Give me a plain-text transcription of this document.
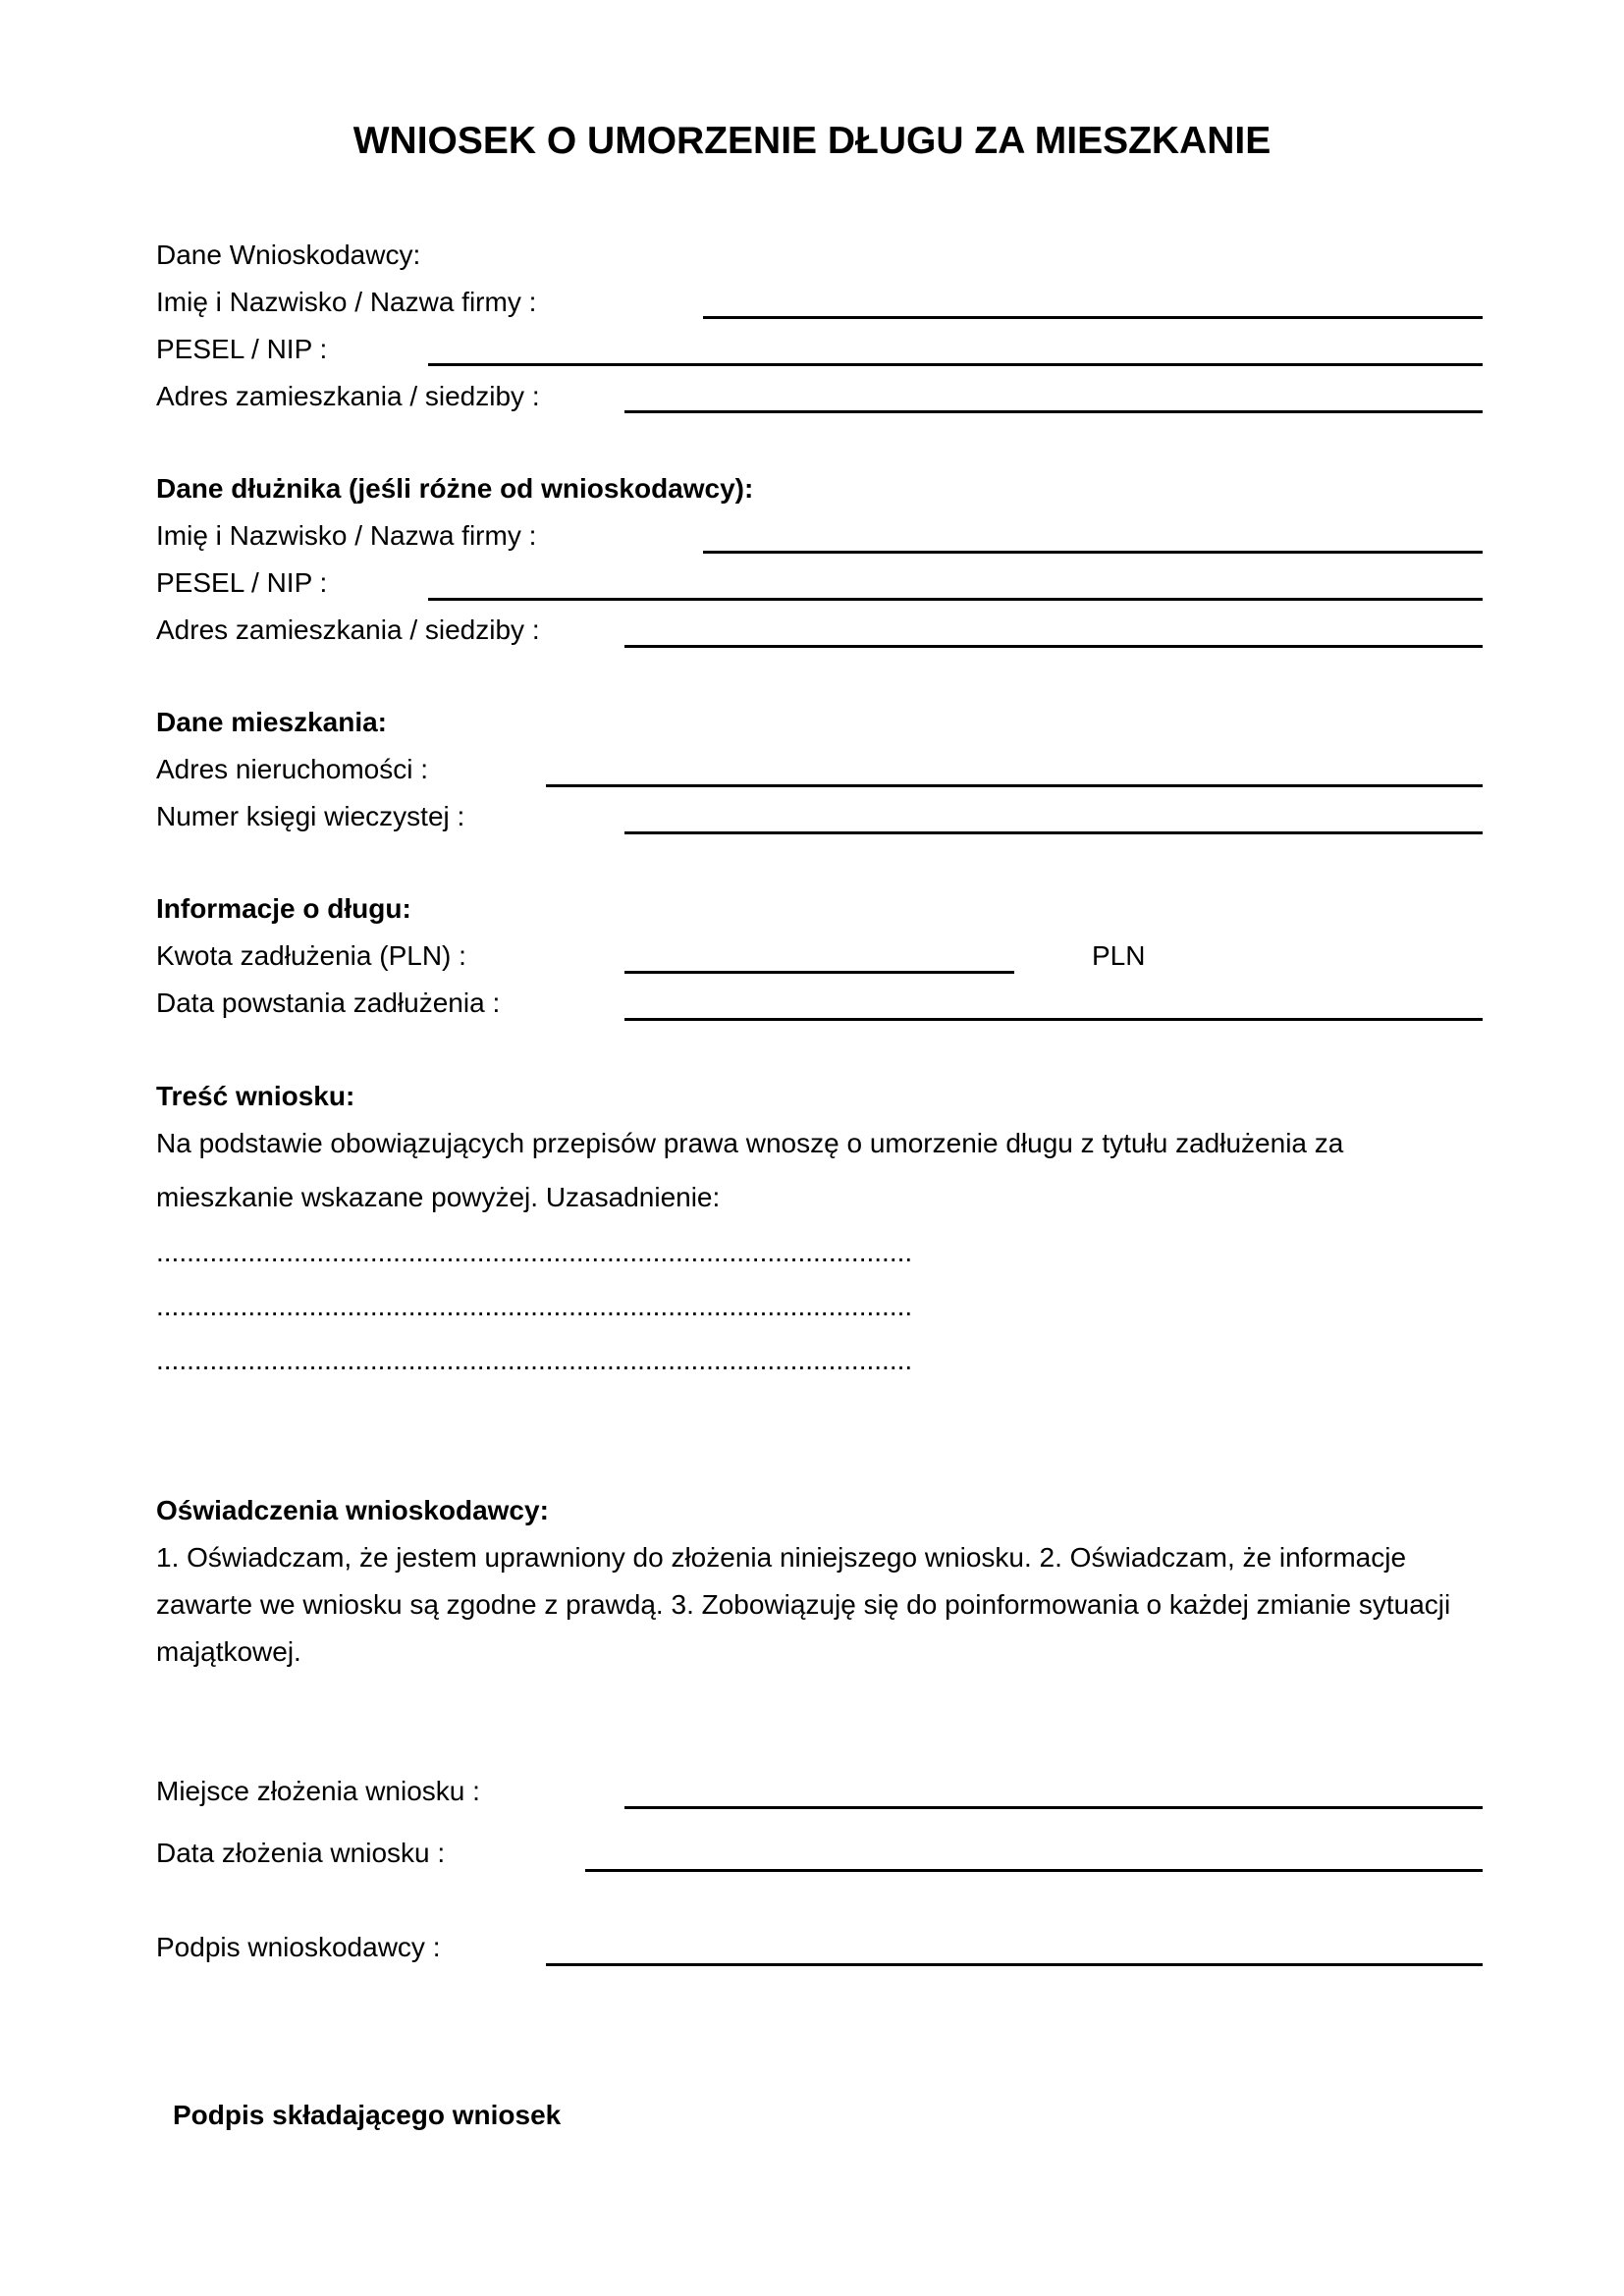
WNIOSEK O UMORZENIE DŁUGU ZA MIESZKANIE
Dane Wnioskodawcy:
Imię i Nazwisko / Nazwa firmy :
PESEL / NIP :
Adres zamieszkania / siedziby :
Dane dłużnika (jeśli różne od wnioskodawcy):
Imię i Nazwisko / Nazwa firmy :
PESEL / NIP :
Adres zamieszkania / siedziby :
Dane mieszkania:
Adres nieruchomości :
Numer księgi wieczystej :
Informacje o długu:
Kwota zadłużenia (PLN) :	PLN
Data powstania zadłużenia :
Treść wniosku:
Na podstawie obowiązujących przepisów prawa wnoszę o umorzenie długu z tytułu zadłużenia za
mieszkanie wskazane powyżej. Uzasadnienie:
...................................................................................................
...................................................................................................
...................................................................................................
Oświadczenia wnioskodawcy:
1. Oświadczam, że jestem uprawniony do złożenia niniejszego wniosku. 2. Oświadczam, że informacje
zawarte we wniosku są zgodne z prawdą. 3. Zobowiązuję się do poinformowania o każdej zmianie sytuacji
majątkowej.
Miejsce złożenia wniosku :
Data złożenia wniosku :
Podpis wnioskodawcy :
Podpis składającego wniosek
